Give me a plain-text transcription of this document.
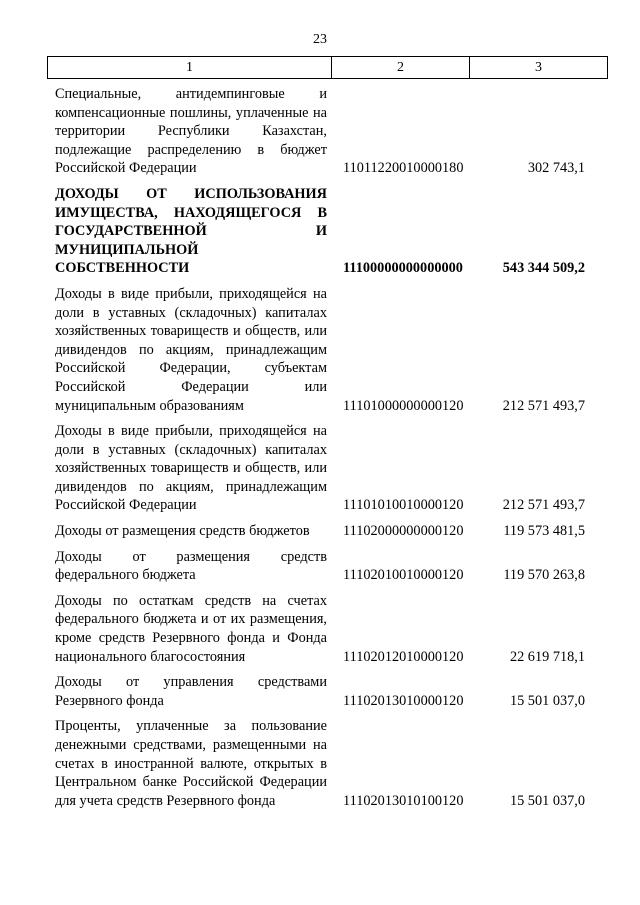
23
1	2	3
Специальные, антидемпинговые и компенсационные пошлины, уплаченные на территории Республики Казахстан, подлежащие распределению в бюджет Российской Федерации	11011220010000180	302 743,1
ДОХОДЫ ОТ ИСПОЛЬЗОВАНИЯ ИМУЩЕСТВА, НАХОДЯЩЕГОСЯ В ГОСУДАРСТВЕННОЙ И МУНИЦИПАЛЬНОЙ СОБСТВЕННОСТИ	11100000000000000	543 344 509,2
Доходы в виде прибыли, приходящейся на доли в уставных (складочных) капиталах хозяйственных товариществ и обществ, или дивидендов по акциям, принадлежащим Российской Федерации, субъектам Российской Федерации или муниципальным образованиям	11101000000000120	212 571 493,7
Доходы в виде прибыли, приходящейся на доли в уставных (складочных) капиталах хозяйственных товариществ и обществ, или дивидендов по акциям, принадлежащим Российской Федерации	11101010010000120	212 571 493,7
Доходы от размещения средств бюджетов	11102000000000120	119 573 481,5
Доходы от размещения средств федерального бюджета	11102010010000120	119 570 263,8
Доходы по остаткам средств на счетах федерального бюджета и от их размещения, кроме средств Резервного фонда и Фонда национального благосостояния	11102012010000120	22 619 718,1
Доходы от управления средствами Резервного фонда	11102013010000120	15 501 037,0
Проценты, уплаченные за пользование денежными средствами, размещенными на счетах в иностранной валюте, открытых в Центральном банке Российской Федерации для учета средств Резервного фонда	11102013010100120	15 501 037,0
